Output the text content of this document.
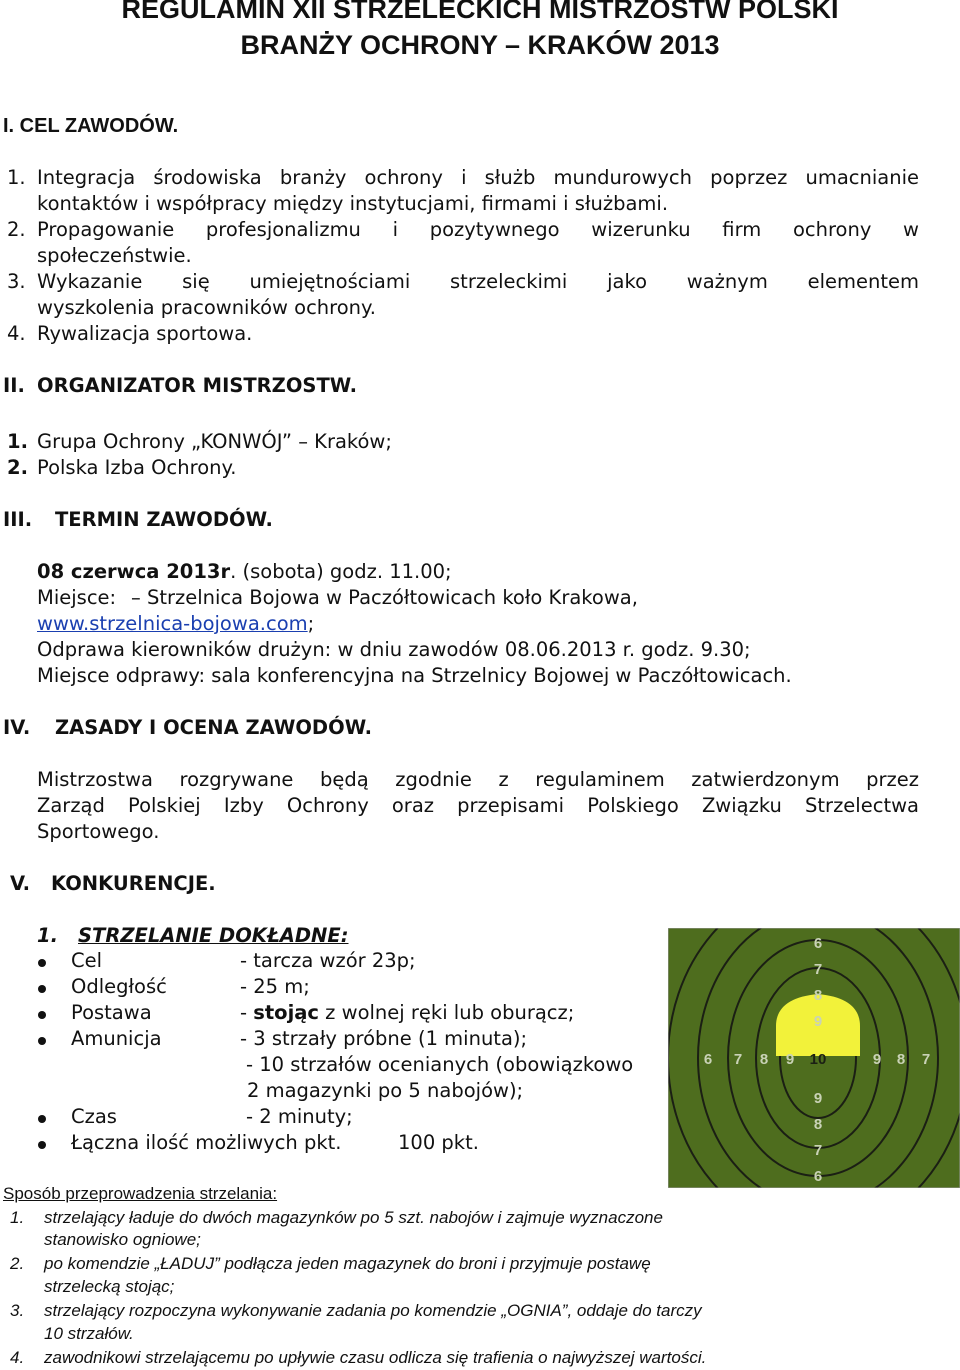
REGULAMIN XII STRZELECKICH MISTRZOSTW POLSKI
BRANŻY OCHRONY – KRAKÓW 2013
I. CEL ZAWODÓW.
1. Integracja środowiska branży ochrony i służb mundurowych poprzez umacnianie
kontaktów i współpracy między instytucjami, firmami i służbami.
2. Propagowanie profesjonalizmu i pozytywnego wizerunku firm ochrony w
społeczeństwie.
3. Wykazanie się umiejętnościami strzeleckimi jako ważnym elementem
wyszkolenia pracowników ochrony.
4. Rywalizacja sportowa.
II. ORGANIZATOR MISTRZOSTW.
1. Grupa Ochrony „KONWÓJ” – Kraków;
2. Polska Izba Ochrony.
III. TERMIN ZAWODÓW.
08 czerwca 2013r. (sobota) godz. 11.00;
Miejsce: – Strzelnica Bojowa w Paczółtowicach koło Krakowa,
www.strzelnica-bojowa.com;
Odprawa kierowników drużyn: w dniu zawodów 08.06.2013 r. godz. 9.30;
Miejsce odprawy: sala konferencyjna na Strzelnicy Bojowej w Paczółtowicach.
IV. ZASADY I OCENA ZAWODÓW.
Mistrzostwa rozgrywane będą zgodnie z regulaminem zatwierdzonym przez
Zarząd Polskiej Izby Ochrony oraz przepisami Polskiego Związku Strzelectwa
Sportowego.
V. KONKURENCJE.
1. STRZELANIE DOKŁADNE:
Cel	- tarcza wzór 23p;
Odległość	- 25 m;
Postawa	- stojąc z wolnej ręki lub oburącz;
Amunicja	- 3 strzały próbne (1 minuta);
- 10 strzałów ocenianych (obowiązkowo
2 magazynki po 5 nabojów);
Czas	- 2 minuty;
Łączna ilość możliwych pkt.	100 pkt.
6
7
8
9
9
8
7
6
6 7 8 9	9 8 7
10
Sposób przeprowadzenia strzelania:
1. strzelający ładuje do dwóch magazynków po 5 szt. nabojów i zajmuje wyznaczone
stanowisko ogniowe;
2. po komendzie „ŁADUJ” podłącza jeden magazynek do broni i przyjmuje postawę
strzelecką stojąc;
3. strzelający rozpoczyna wykonywanie zadania po komendzie „OGNIA”, oddaje do tarczy
10 strzałów.
4. zawodnikowi strzelającemu po upływie czasu odlicza się trafienia o najwyższej wartości.
